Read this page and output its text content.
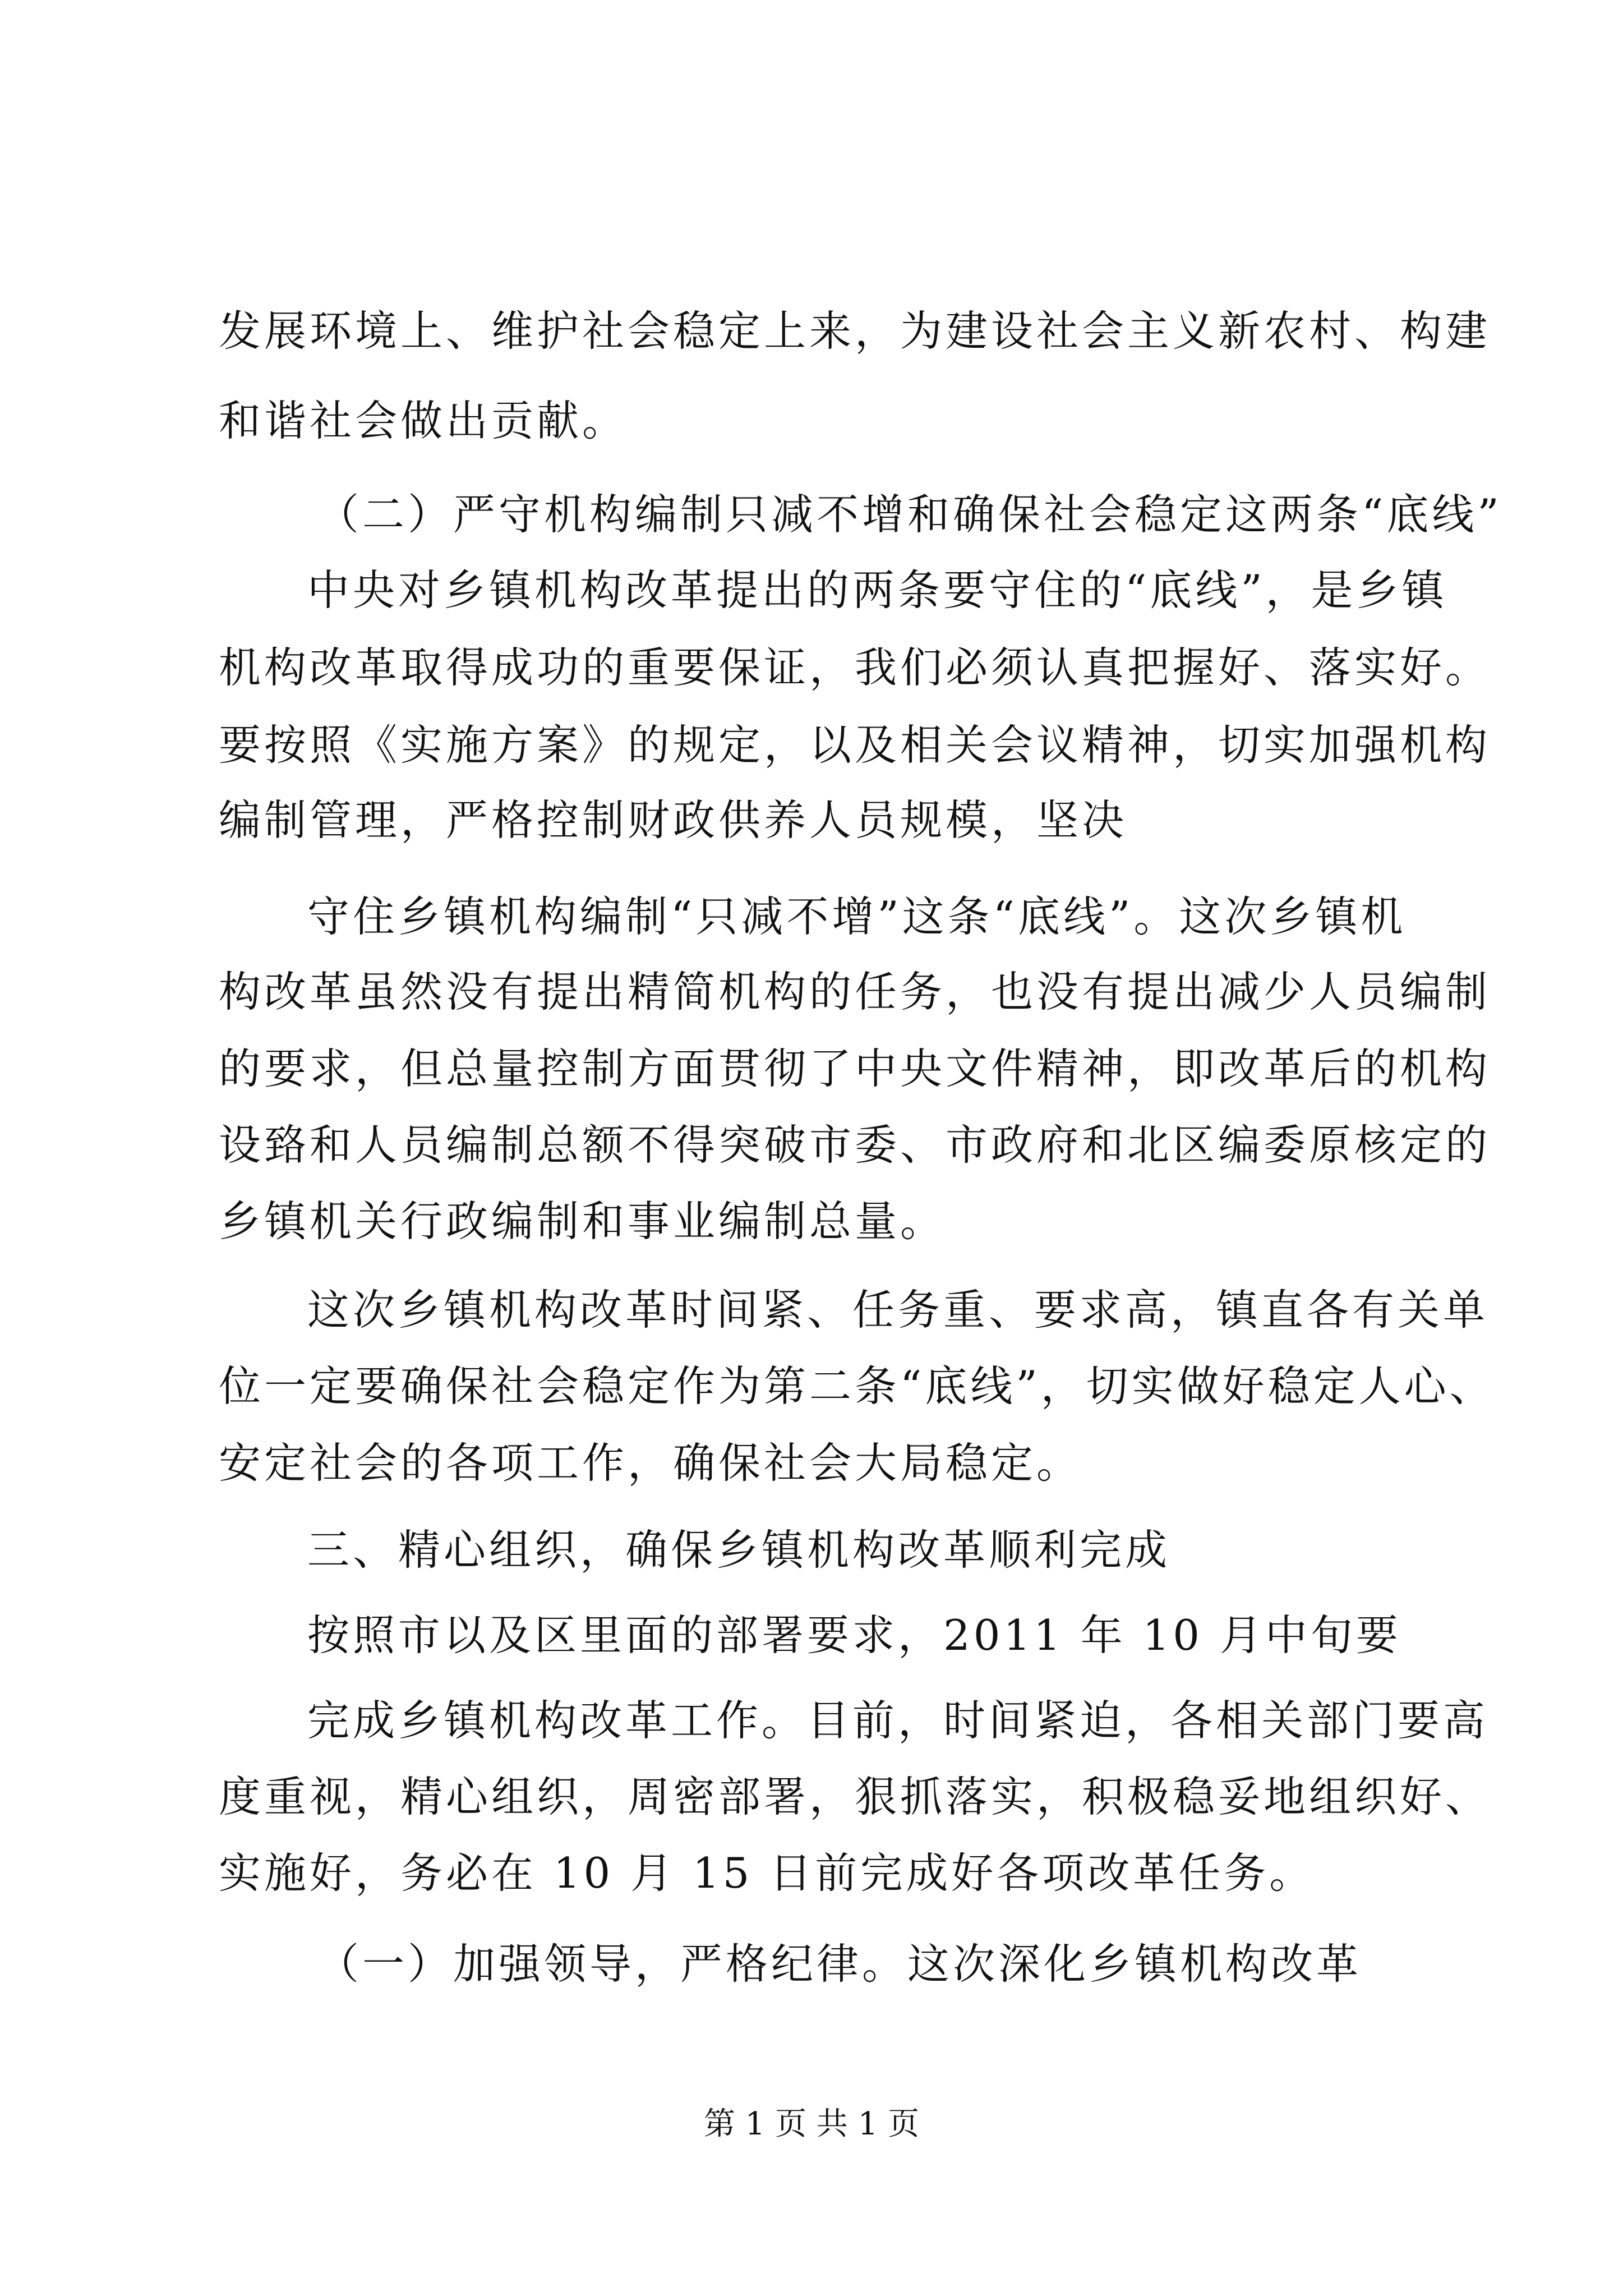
发展环境上、维护社会稳定上来，为建设社会主义新农村、构建
和谐社会做出贡献。
（二）严守机构编制只减不增和确保社会稳定这两条“底线”
中央对乡镇机构改革提出的两条要守住的“底线”，是乡镇
机构改革取得成功的重要保证，我们必须认真把握好、落实好。
要按照《实施方案》的规定，以及相关会议精神，切实加强机构
编制管理，严格控制财政供养人员规模，坚决
守住乡镇机构编制“只减不增”这条“底线”。这次乡镇机
构改革虽然没有提出精简机构的任务，也没有提出减少人员编制
的要求，但总量控制方面贯彻了中央文件精神，即改革后的机构
设臵和人员编制总额不得突破市委、市政府和北区编委原核定的
乡镇机关行政编制和事业编制总量。
这次乡镇机构改革时间紧、任务重、要求高，镇直各有关单
位一定要确保社会稳定作为第二条“底线”，切实做好稳定人心、
安定社会的各项工作，确保社会大局稳定。
三、精心组织，确保乡镇机构改革顺利完成
按照市以及区里面的部署要求，2011 年 10 月中旬要
完成乡镇机构改革工作。目前，时间紧迫，各相关部门要高
度重视，精心组织，周密部署，狠抓落实，积极稳妥地组织好、
实施好，务必在 10 月 15 日前完成好各项改革任务。
（一）加强领导，严格纪律。这次深化乡镇机构改革
第 1 页 共 1 页
